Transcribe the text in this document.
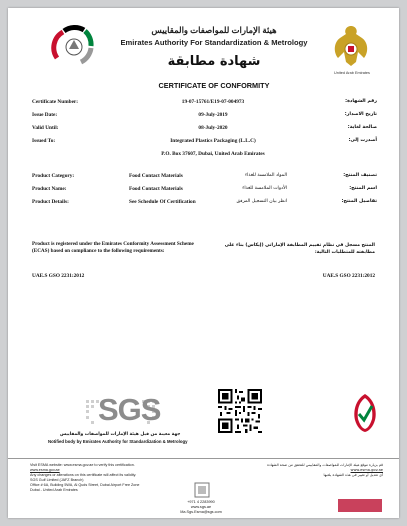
هيئة الإمارات للمواصفات والمقاييس
Emirates Authority For Standardization & Metrology
United Arab Emirates
شهادة مطابقة
CERTIFICATE OF CONFORMITY
Certificate Number:	19-07-15761/E19-07-004973	رقم الشهادة:
Issue Date:	09-July-2019	تاريخ الاصدار:
Valid Until:	08-July-2020	صالحة لغاية:
Issued To:	Integrated Plastics Packaging (L.L.C)	أصدرت إلى:
P.O. Box 37607, Dubai, United Arab Emirates
Product Category:	Food Contact Materials	المواد الملامسة للغذاء	تصنيف المنتج:
Product Name:	Food Contact Materials	الأدوات الملامسة للغذاء	اسم المنتج:
Product Details:	See Schedule Of Certification	انظر بيان التسجيل المرفق	تفاصيل المنتج:
Product is registered under the Emirates Conformity Assessment Scheme (ECAS) based on compliance to the following requirements:
المنتج مسجل في نظام تقييم المطابقة الإماراتي (إيكاس) بناء على مطابقته للمتطلبات التالية:
UAE.S GSO 2231:2012	UAE.S GSO 2231:2012
SGS
جهة معينة من قبل هيئة الإمارات للمواصفات والمقاييس
Notified body by Emirates Authority for Standardization & Metrology
Visit ESMA website: www.esma.gov.ae to verify this certification.
www.esma.gov.ae
Any changes or alterations on this certificate will affect its validity.
SGS Gulf Limited (JAFZ Branch)
Office # 6A, Building 5WA, Al Quds Street, Dubai Airport Free Zone
Dubai - United Arab Emirates
+971 4 2283990
www.sgs.ae
Ma.Sgs.Esma@sgs.com
قم بزيارة موقع هيئة الإمارات للمواصفات والمقاييس للتحقق من صحة الشهادة
www.esma.gov.ae
أي تعديل أو تغيير في هذه الشهادة يلغيها
